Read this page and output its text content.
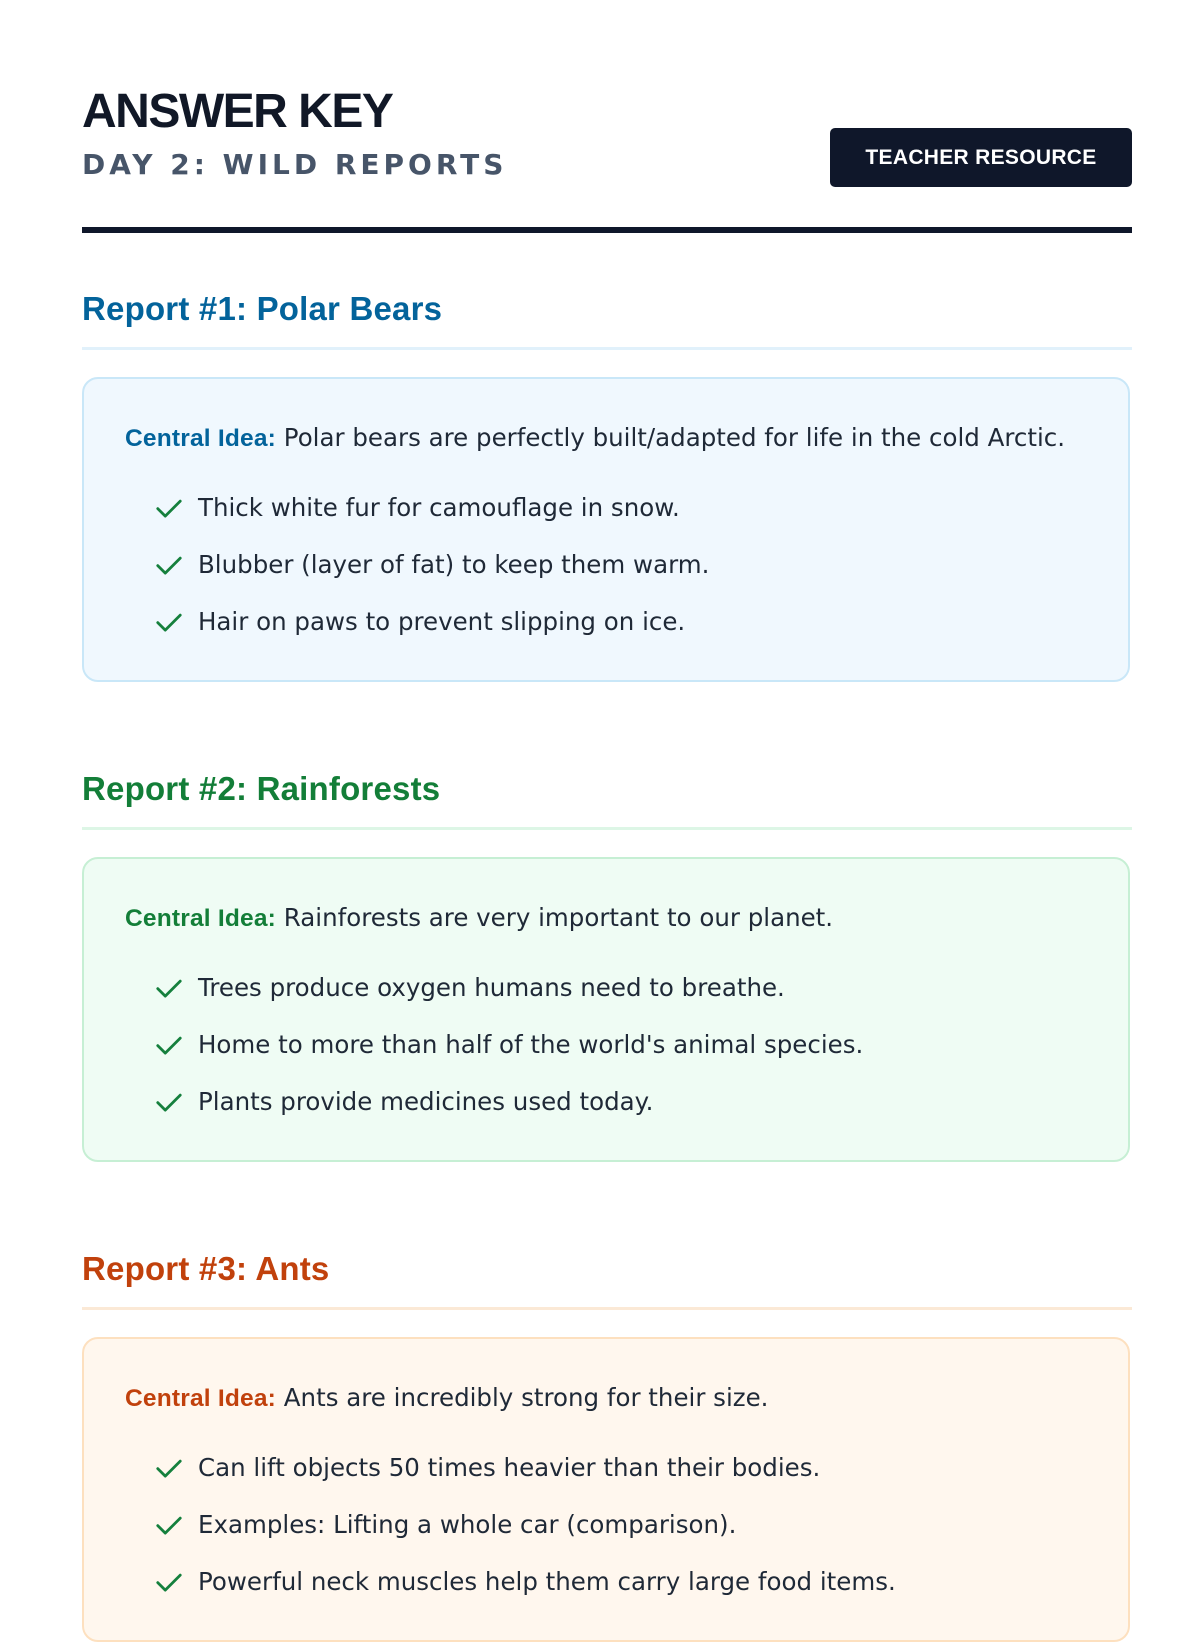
ANSWER KEY
DAY 2: WILD REPORTS	TEACHER RESOURCE
Report #1: Polar Bears
Central Idea: Polar bears are perfectly built/adapted for life in the cold Arctic.
Thick white fur for camouflage in snow.
Blubber (layer of fat) to keep them warm.
Hair on paws to prevent slipping on ice.
Report #2: Rainforests
Central Idea: Rainforests are very important to our planet.
Trees produce oxygen humans need to breathe.
Home to more than half of the world's animal species.
Plants provide medicines used today.
Report #3: Ants
Central Idea: Ants are incredibly strong for their size.
Can lift objects 50 times heavier than their bodies.
Examples: Lifting a whole car (comparison).
Powerful neck muscles help them carry large food items.
